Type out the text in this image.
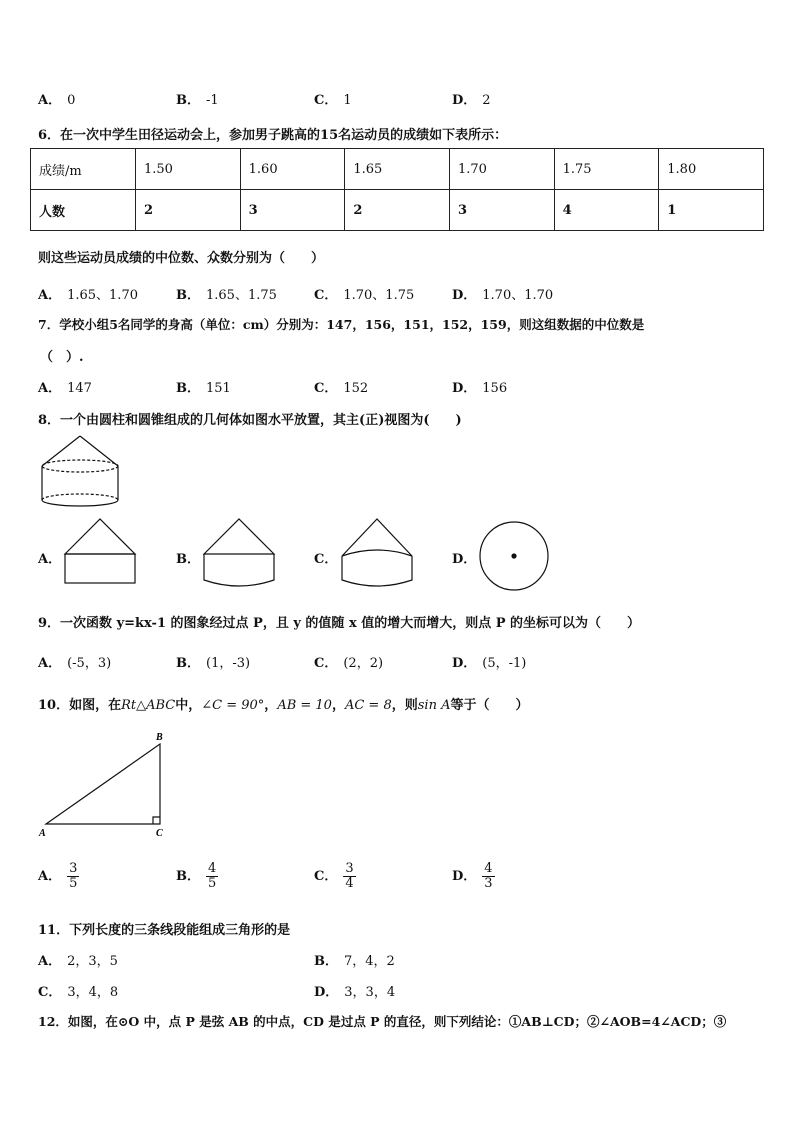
A． 0	B． -1	C． 1	D． 2
6．在一次中学生田径运动会上，参加男子跳高的15名运动员的成绩如下表所示：
成绩/m	1.50	1.60	1.65	1.70	1.75	1.80
人数	2	3	2	3	4	1
则这些运动员成绩的中位数、众数分别为（　　）
A． 1.65、1.70	B． 1.65、1.75	C． 1.70、1.75	D． 1.70、1.70
7．学校小组5名同学的身高（单位：cm）分别为：147，156，151，152，159，则这组数据的中位数是
（　）.
A． 147	B． 151	C． 152	D． 156
8．一个由圆柱和圆锥组成的几何体如图水平放置，其主(正)视图为(　　)
A．	B．	C．	D．
9．一次函数 y=kx-1 的图象经过点 P，且 y 的值随 x 值的增大而增大，则点 P 的坐标可以为（　　）
A． (-5，3)	B． (1，-3)	C． (2，2)	D． (5，-1)
10．如图，在Rt△ABC中，∠C = 90°，AB = 10，AC = 8，则sin A等于（　　）
B
A	C
A． $\frac{3}{5}$	B． $\frac{4}{5}$	C． $\frac{3}{4}$	D． $\frac{4}{3}$
11．下列长度的三条线段能组成三角形的是
A． 2，3，5	B． 7，4，2
C． 3，4，8	D． 3，3，4
12．如图，在⊙O 中，点 P 是弦 AB 的中点，CD 是过点 P 的直径，则下列结论：①AB⊥CD；②∠AOB=4∠ACD；③
